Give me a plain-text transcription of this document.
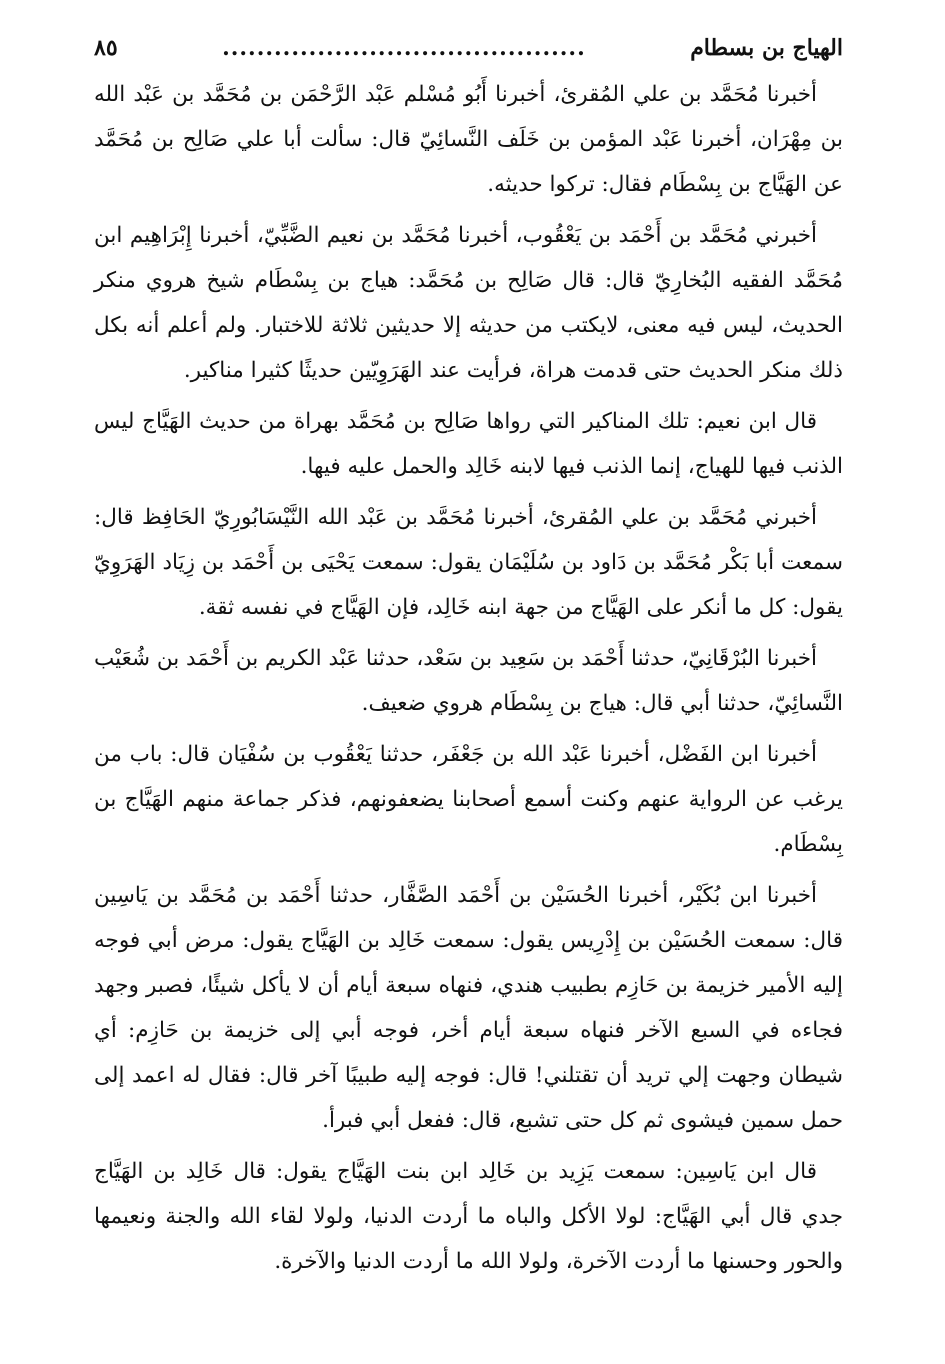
الهياج بن بسطام
..........................................
٨٥

أخبرنا مُحَمَّد بن علي المُقرئ، أخبرنا أَبُو مُسْلم عَبْد الرَّحْمَن بن مُحَمَّد بن عَبْد الله بن مِهْرَان، أخبرنا عَبْد المؤمن بن خَلَف النَّسائِيّ قال: سألت أبا علي صَالِح بن مُحَمَّد عن الهَيَّاج بن بِسْطَام فقال: تركوا حديثه.

أخبرني مُحَمَّد بن أَحْمَد بن يَعْقُوب، أخبرنا مُحَمَّد بن نعيم الضَّبِّيّ، أخبرنا إِبْرَاهِيم ابن مُحَمَّد الفقيه البُخارِيّ قال: قال صَالِح بن مُحَمَّد: هياج بن بِسْطَام شيخ هروي منكر الحديث، ليس فيه معنى، لايكتب من حديثه إلا حديثين ثلاثة للاختبار. ولم أعلم أنه بكل ذلك منكر الحديث حتى قدمت هراة، فرأيت عند الهَرَوِيّين حديثًا كثيرا مناكير.

قال ابن نعيم: تلك المناكير التي رواها صَالِح بن مُحَمَّد بهراة من حديث الهَيَّاج ليس الذنب فيها للهياج، إنما الذنب فيها لابنه خَالِد والحمل عليه فيها.

أخبرني مُحَمَّد بن علي المُقرئ، أخبرنا مُحَمَّد بن عَبْد الله النَّيْسَابُورِيّ الحَافِظ قال: سمعت أبا بَكْر مُحَمَّد بن دَاود بن سُلَيْمَان يقول: سمعت يَحْيَى بن أَحْمَد بن زِيَاد الهَرَوِيّ يقول: كل ما أنكر على الهَيَّاج من جهة ابنه خَالِد، فإن الهَيَّاج في نفسه ثقة.

أخبرنا البُرْقَانِيّ، حدثنا أَحْمَد بن سَعِيد بن سَعْد، حدثنا عَبْد الكريم بن أَحْمَد بن شُعَيْب النَّسائِيّ، حدثنا أبي قال: هياج بن بِسْطَام هروي ضعيف.

أخبرنا ابن الفَضْل، أخبرنا عَبْد الله بن جَعْفَر، حدثنا يَعْقُوب بن سُفْيَان قال: باب من يرغب عن الرواية عنهم وكنت أسمع أصحابنا يضعفونهم، فذكر جماعة منهم الهَيَّاج بن بِسْطَام.

أخبرنا ابن بُكَيْر، أخبرنا الحُسَيْن بن أَحْمَد الصَّفَّار، حدثنا أَحْمَد بن مُحَمَّد بن يَاسِين قال: سمعت الحُسَيْن بن إِدْرِيس يقول: سمعت خَالِد بن الهَيَّاج يقول: مرض أبي فوجه إليه الأمير خزيمة بن حَازِم بطبيب هندي، فنهاه سبعة أيام أن لا يأكل شيئًا، فصبر وجهد فجاءه في السبع الآخر فنهاه سبعة أيام أخر، فوجه أبي إلى خزيمة بن حَازِم: أي شيطان وجهت إلي تريد أن تقتلني! قال: فوجه إليه طبيبًا آخر قال: فقال له اعمد إلى حمل سمين فيشوى ثم كل حتى تشبع، قال: ففعل أبي فبرأ.

قال ابن يَاسِين: سمعت يَزِيد بن خَالِد ابن بنت الهَيَّاج يقول: قال خَالِد بن الهَيَّاج جدي قال أبي الهَيَّاج: لولا الأكل والباه ما أردت الدنيا، ولولا لقاء الله والجنة ونعيمها والحور وحسنها ما أردت الآخرة، ولولا الله ما أردت الدنيا والآخرة.
